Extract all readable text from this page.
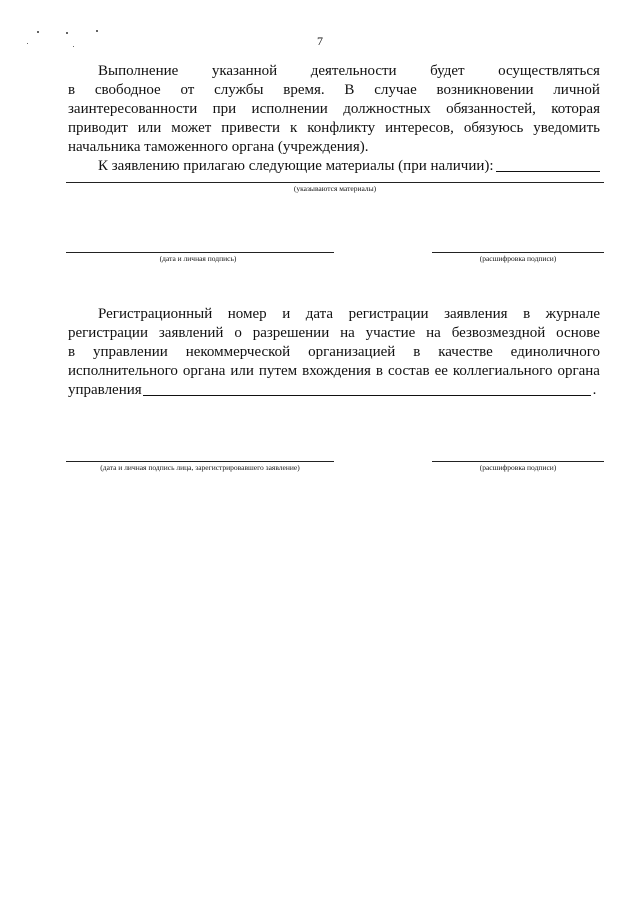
7
Выполнение указанной деятельности будет осуществляться
в свободное от службы время. В случае возникновении личной
заинтересованности при исполнении должностных обязанностей, которая
приводит или может привести к конфликту интересов, обязуюсь уведомить
начальника таможенного органа (учреждения).
К заявлению прилагаю следующие материалы (при наличии):
(указываются материалы)
(дата и личная подпись)	(расшифровка подписи)
Регистрационный номер и дата регистрации заявления в журнале
регистрации заявлений о разрешении на участие на безвозмездной основе
в управлении некоммерческой организацией в качестве единоличного
исполнительного органа или путем вхождения в состав ее коллегиального органа
управления	.
(дата и личная подпись лица, зарегистрировавшего заявление)	(расшифровка подписи)
